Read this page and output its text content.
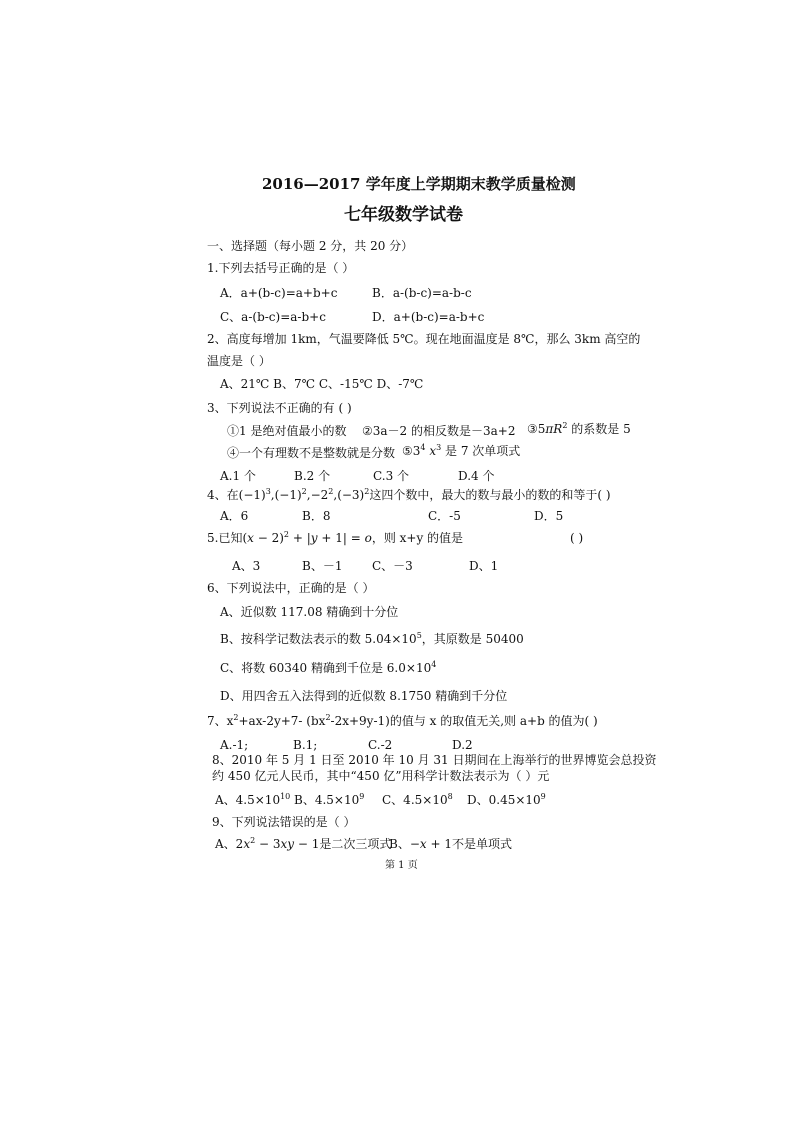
2016—2017 学年度上学期期末教学质量检测
七年级数学试卷
一、选择题（每小题 2 分，共 20 分）
1.下列去括号正确的是（ ）
A．a+(b-c)=a+b+c	B．a-(b-c)=a-b-c
C、a-(b-c)=a-b+c	D．a+(b-c)=a-b+c
2、高度每增加 1km，气温要降低 5℃。现在地面温度是 8℃，那么 3km 高空的
温度是（ ）
A、21℃ B、7℃ C、-15℃ D、-7℃
3、下列说法不正确的有 ( )
①1 是绝对值最小的数 ②3a－2 的相反数是－3a+2 $③5\pi R^2$ 的系数是 5
④一个有理数不是整数就是分数 $⑤3^4$ $x^3$ 是 7 次单项式
A.1 个	B.2 个	C.3 个	D.4 个
4、在$(-1)^3,(-1)^2,-2^2,(-3)^2$这四个数中，最大的数与最小的数的和等于( )
A．6	B．8	C．-5	D．5
5.已知$(x - 2)^2 + |y + 1| = o$，则 x+y 的值是	( )
A、3	B、－1 C、－3	D、1
6、下列说法中，正确的是（ ）
A、近似数 117.08 精确到十分位
B、按科学记数法表示的数 $5.04\times 10^5$，其原数是 50400
C、将数 60340 精确到千位是 $6.0\times 10^4$
D、用四舍五入法得到的近似数 8.1750 精确到千分位
7、$x^2+ax-2y+7-$ $(bx^2-2x+9y-1)$的值与 x 的取值无关,则 a+b 的值为( )
A.-1;	B.1;	C.-2	D.2
8、2010 年 5 月 1 日至 2010 年 10 月 31 日期间在上海举行的世界博览会总投资
约 450 亿元人民币，其中“450 亿”用科学计数法表示为（ ）元
A、$4.5\times 10^{10}$ B、$4.5\times 10^9$ C、$4.5\times 10^8$ D、$0.45\times 10^9$
9、下列说法错误的是（ ）
A、$2x^2 - 3xy - 1$是二次三项式
B、−x + 1不是单项式
第 1 页
